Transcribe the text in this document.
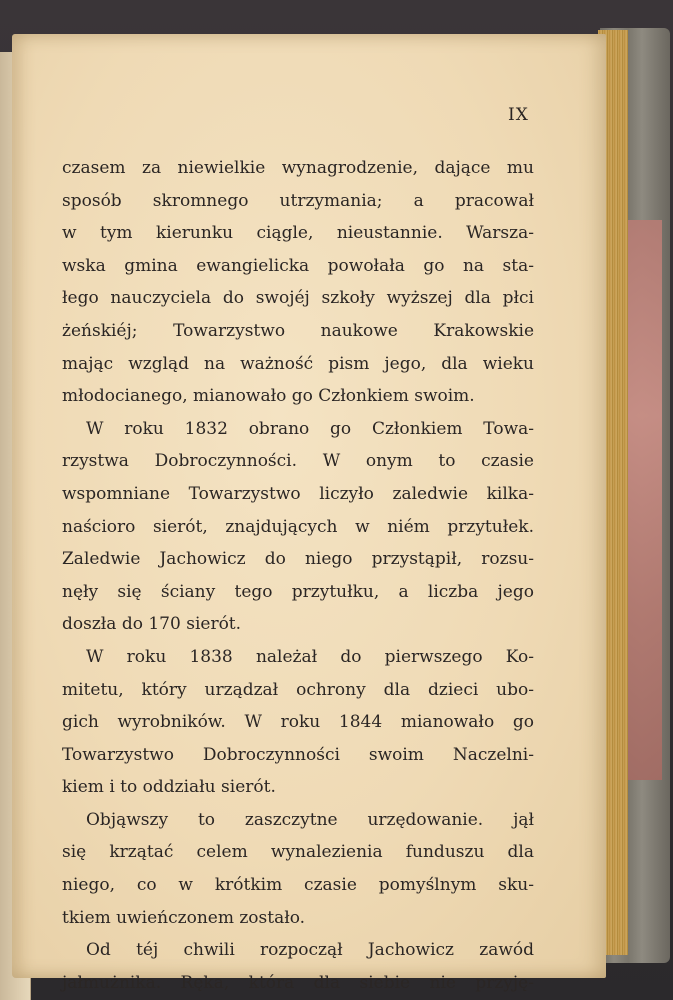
IX
czasem za niewielkie wynagrodzenie, dające mu
sposób skromnego utrzymania; a pracował
w tym kierunku ciągle, nieustannie. Warsza-
wska gmina ewangielicka powołała go na sta-
łego nauczyciela do swojéj szkoły wyższej dla płci
żeńskiéj; Towarzystwo naukowe Krakowskie
mając wzgląd na ważność pism jego, dla wieku
młodocianego, mianowało go Członkiem swoim.
W roku 1832 obrano go Członkiem Towa-
rzystwa Dobroczynności. W onym to czasie
wspomniane Towarzystwo liczyło zaledwie kilka-
naścioro sierót, znajdujących w niém przytułek.
Zaledwie Jachowicz do niego przystąpił, rozsu-
nęły się ściany tego przytułku, a liczba jego
doszła do 170 sierót.
W roku 1838 należał do pierwszego Ko-
mitetu, który urządzał ochrony dla dzieci ubo-
gich wyrobników. W roku 1844 mianowało go
Towarzystwo Dobroczynności swoim Naczelni-
kiem i to oddziału sierót.
Objąwszy to zaszczytne urzędowanie. jął
się krzątać celem wynalezienia funduszu dla
niego, co w krótkim czasie pomyślnym sku-
tkiem uwieńczonem zostało.
Od téj chwili rozpoczął Jachowicz zawód
jałmużnika. Ręka, która dla siebie nie przyję-
